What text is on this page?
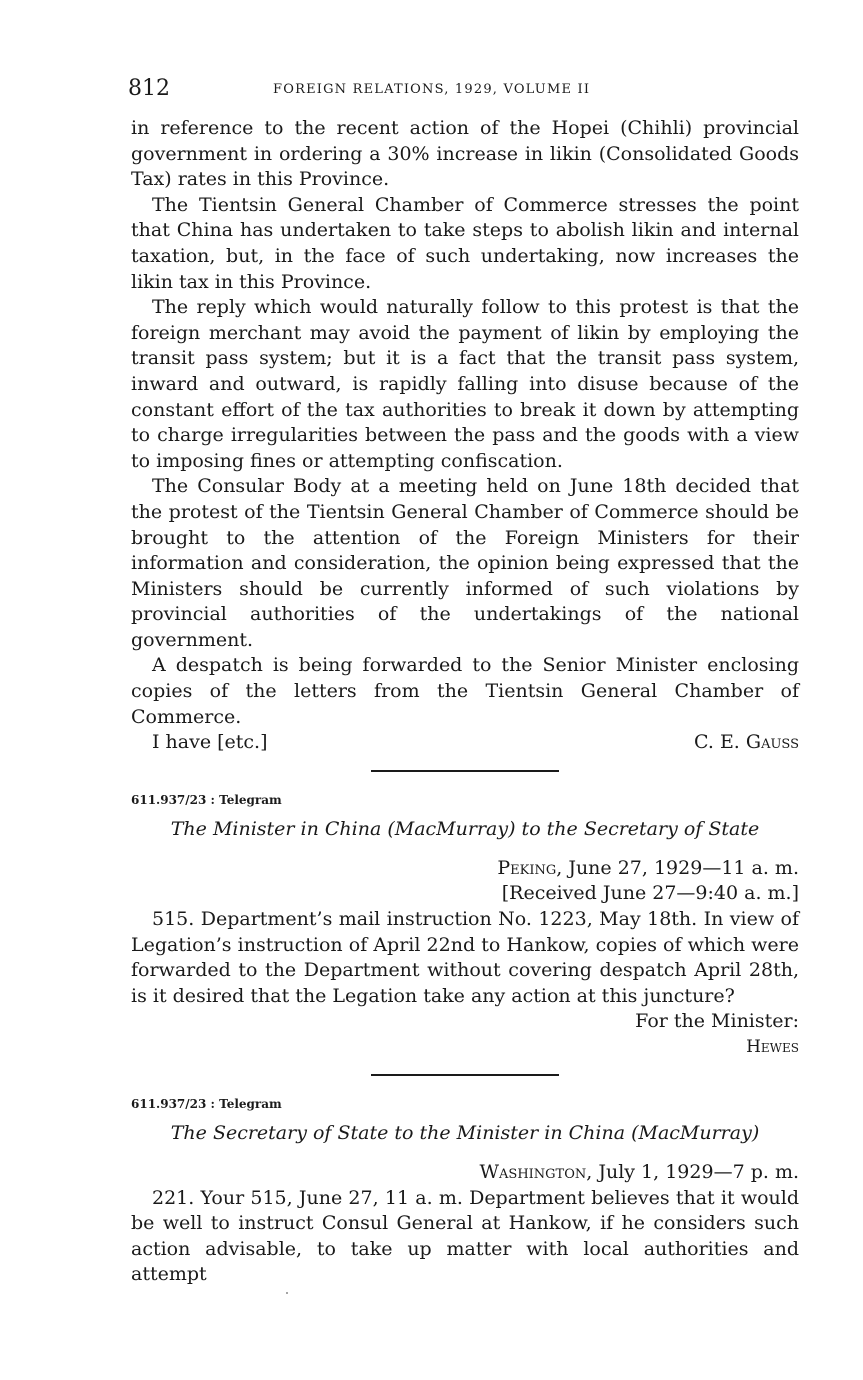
812	FOREIGN RELATIONS, 1929, VOLUME II

in reference to the recent action of the Hopei (Chihli) provincial government in ordering a 30% increase in likin (Consolidated Goods Tax) rates in this Province.

The Tientsin General Chamber of Commerce stresses the point that China has undertaken to take steps to abolish likin and internal taxation, but, in the face of such undertaking, now increases the likin tax in this Province.

The reply which would naturally follow to this protest is that the foreign merchant may avoid the payment of likin by employing the transit pass system; but it is a fact that the transit pass system, inward and outward, is rapidly falling into disuse because of the constant effort of the tax authorities to break it down by attempting to charge irregularities between the pass and the goods with a view to imposing fines or attempting confiscation.

The Consular Body at a meeting held on June 18th decided that the protest of the Tientsin General Chamber of Commerce should be brought to the attention of the Foreign Ministers for their information and consideration, the opinion being expressed that the Ministers should be currently informed of such violations by provincial authorities of the undertakings of the national government.

A despatch is being forwarded to the Senior Minister enclosing copies of the letters from the Tientsin General Chamber of Commerce.

I have [etc.]	C. E. Gauss
611.937/23 : Telegram
The Minister in China (MacMurray) to the Secretary of State
Peking, June 27, 1929—11 a. m.
[Received June 27—9:40 a. m.]

515. Department’s mail instruction No. 1223, May 18th. In view of Legation’s instruction of April 22nd to Hankow, copies of which were forwarded to the Department without covering despatch April 28th, is it desired that the Legation take any action at this juncture?

For the Minister:
Hewes
611.937/23 : Telegram
The Secretary of State to the Minister in China (MacMurray)
Washington, July 1, 1929—7 p. m.

221. Your 515, June 27, 11 a. m. Department believes that it would be well to instruct Consul General at Hankow, if he considers such action advisable, to take up matter with local authorities and attempt
